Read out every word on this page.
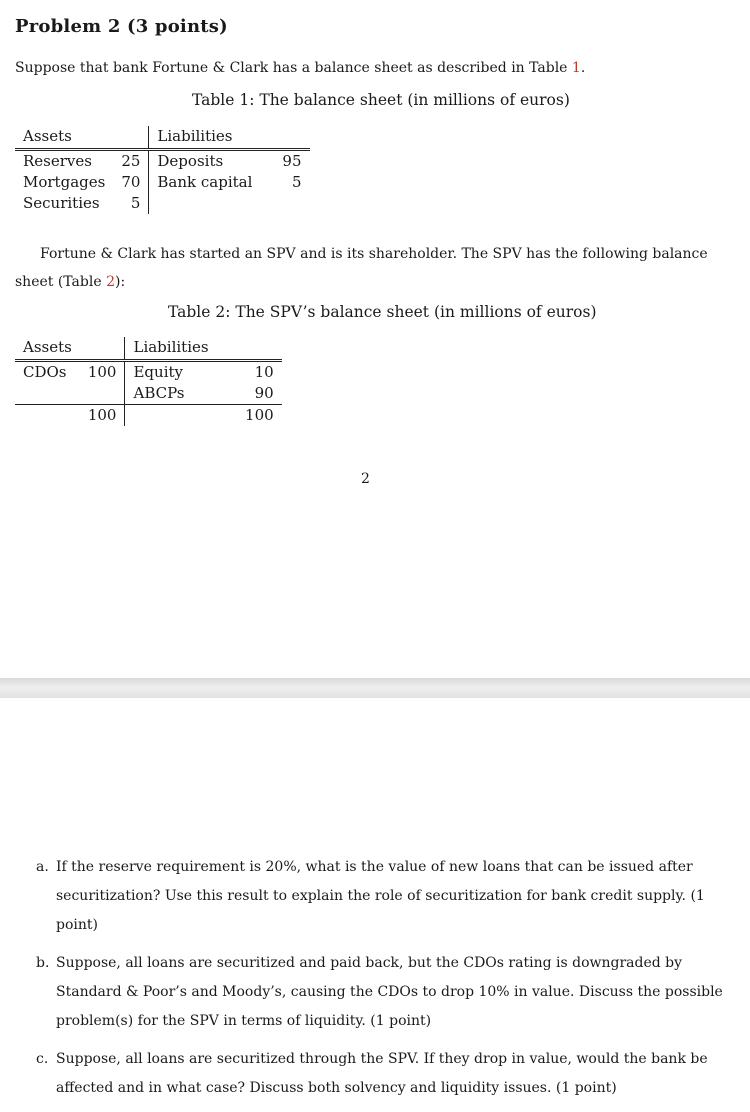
Problem 2 (3 points)
Suppose that bank Fortune & Clark has a balance sheet as described in Table 1.
Table 1: The balance sheet (in millions of euros)
Assets		Liabilities	
Reserves	25	Deposits	95
Mortgages	70	Bank capital	5
Securities	5		
Fortune & Clark has started an SPV and is its shareholder. The SPV has the following balance sheet (Table 2):
Table 2: The SPV’s balance sheet (in millions of euros)
Assets		Liabilities	
CDOs	100	Equity	10
		ABCPs	90
	100		100
2
a. If the reserve requirement is 20%, what is the value of new loans that can be issued after securitization? Use this result to explain the role of securitization for bank credit supply. (1 point)
b. Suppose, all loans are securitized and paid back, but the CDOs rating is downgraded by Standard & Poor’s and Moody’s, causing the CDOs to drop 10% in value. Discuss the possible problem(s) for the SPV in terms of liquidity. (1 point)
c. Suppose, all loans are securitized through the SPV. If they drop in value, would the bank be affected and in what case? Discuss both solvency and liquidity issues. (1 point)
